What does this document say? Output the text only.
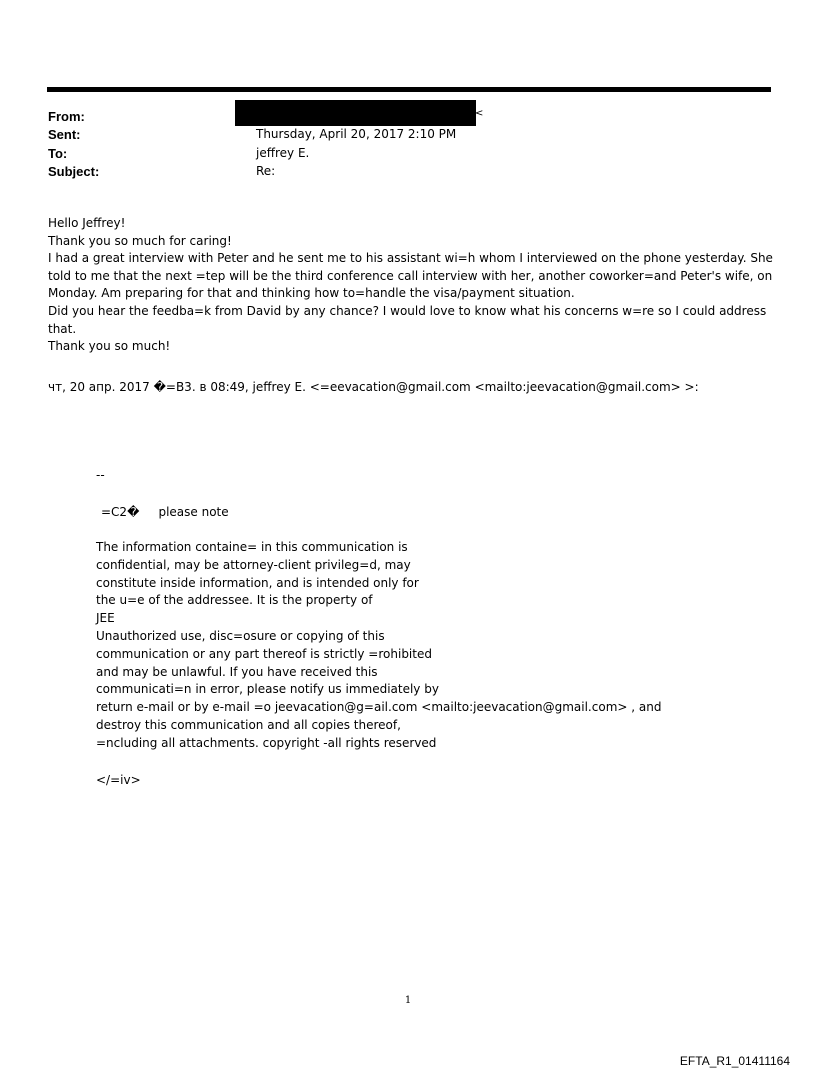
From:	<
Sent:	Thursday, April 20, 2017 2:10 PM
To:	jeffrey E.
Subject:	Re:

Hello Jeffrey!

Thank you so much for caring!

I had a great interview with Peter and he sent me to his assistant wi=h whom I interviewed on the phone yesterday. She told to me that the next =tep will be the third conference call interview with her, another coworker=and Peter's wife, on Monday. Am preparing for that and thinking how to=handle the visa/payment situation.

Did you hear the feedba=k from David by any chance? I would love to know what his concerns w=re so I could address that.

Thank you so much!

чт, 20 апр. 2017 �=B3. в 08:49, jeffrey E. <=eevacation@gmail.com <mailto:jeevacation@gmail.com> >:
--
=C2�     please note
The information containe= in this communication is
confidential, may be attorney-client privileg=d, may
constitute inside information, and is intended only for
the u=e of the addressee. It is the property of
JEE
Unauthorized use, disc=osure or copying of this
communication or any part thereof is strictly =rohibited
and may be unlawful. If you have received this
communicati=n in error, please notify us immediately by
return e-mail or by e-mail =o jeevacation@g=ail.com <mailto:jeevacation@gmail.com> , and
destroy this communication and all copies thereof,
=ncluding all attachments. copyright -all rights reserved
</=iv>
1
EFTA_R1_01411164
